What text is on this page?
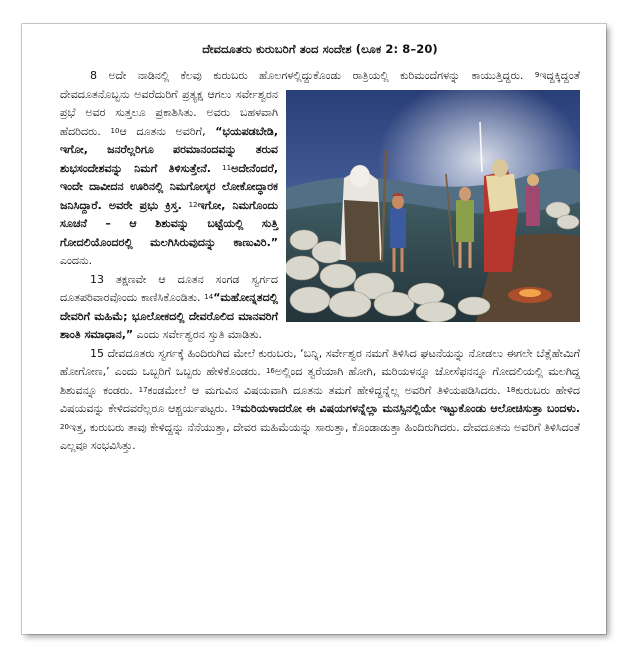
ದೇವದೂತರು ಕುರುಬರಿಗೆ ತಂದ ಸಂದೇಶ (ಲೂಕ 2: 8–20)

8 ಅದೇ ನಾಡಿನಲ್ಲಿ ಕೆಲವು ಕುರುಬರು ಹೊಲಗಳಲ್ಲಿದ್ದುಕೊಂಡು ರಾತ್ರಿಯಲ್ಲಿ ಕುರಿಮಂದೆಗಳನ್ನು ಕಾಯುತ್ತಿದ್ದರು. $^9$ಇದ್ದಕ್ಕಿದ್ದಂತೆ ದೇವದೂತನೊಬ್ಬನು ಅವರೆದುರಿಗೆ ಪ್ರತ್ಯಕ್ಷ ಆಗಲು ಸರ್ವೇಶ್ವರನ ಪ್ರಭೆ ಅವರ ಸುತ್ತಲೂ ಪ್ರಕಾಶಿಸಿತು. ಅವರು ಬಹಳವಾಗಿ ಹೆದರಿದರು. $^{10}$ಆ ದೂತನು ಅವರಿಗೆ, “ಭಯಪಡಬೇಡಿ, ಇಗೋ, ಜನರೆಲ್ಲರಿಗೂ ಪರಮಾನಂದವನ್ನು ತರುವ ಶುಭಸಂದೇಶವನ್ನು ನಿಮಗೆ ತಿಳಿಸುತ್ತೇನೆ. $^{11}$ಅದೇನೆಂದರೆ, ಇಂದೇ ದಾವೀದನ ಊರಿನಲ್ಲಿ ನಿಮಗೋಸ್ಕರ ಲೋಕೋದ್ಧಾರಕ ಜನಿಸಿದ್ದಾರೆ. ಅವರೇ ಪ್ರಭು ಕ್ರಿಸ್ತ. $^{12}$ಇಗೋ, ನಿಮಗೊಂದು ಸೂಚನೆ – ಆ ಶಿಶುವನ್ನು ಬಟ್ಟೆಯಲ್ಲಿ ಸುತ್ತಿ ಗೋದಲಿಯೊಂದರಲ್ಲಿ ಮಲಗಿಸಿರುವುದನ್ನು ಕಾಣುವಿರಿ.” ಎಂದನು.

13 ತಕ್ಷಣವೇ ಆ ದೂತನ ಸಂಗಡ ಸ್ವರ್ಗದ ದೂತಪರಿವಾರವೊಂದು ಕಾಣಿಸಿಕೊಂಡಿತು. $^{14}$“ಮಹೋನ್ನತದಲ್ಲಿ ದೇವರಿಗೆ ಮಹಿಮೆ; ಭೂಲೋಕದಲ್ಲಿ ದೇವರೊಲಿದ ಮಾನವರಿಗೆ ಶಾಂತಿ ಸಮಾಧಾನ,” ಎಂದು ಸರ್ವೇಶ್ವರನ ಸ್ತುತಿ ಮಾಡಿತು.

15 ದೇವದೂತರು ಸ್ವರ್ಗಕ್ಕೆ ಹಿಂದಿರುಗಿದ ಮೇಲೆ ಕುರುಬರು, ‘ಬನ್ನಿ, ಸರ್ವೇಶ್ವರ ನಮಗೆ ತಿಳಿಸಿದ ಘಟನೆಯನ್ನು ನೋಡಲು ಈಗಲೇ ಬೆತ್ಲೆಹೇಮಿಗೆ ಹೋಗೋಣ,’ ಎಂದು ಒಬ್ಬರಿಗೆ ಒಬ್ಬರು ಹೇಳಿಕೊಂಡರು. $^{16}$ಅಲ್ಲಿಂದ ತ್ವರೆಯಾಗಿ ಹೋಗಿ, ಮರಿಯಳನ್ನೂ ಜೋಸೆಫನನ್ನೂ ಗೋದಲಿಯಲ್ಲಿ ಮಲಗಿದ್ದ ಶಿಶುವನ್ನೂ ಕಂಡರು. $^{17}$ಕಂಡಮೇಲೆ ಆ ಮಗುವಿನ ವಿಷಯವಾಗಿ ದೂತನು ತಮಗೆ ಹೇಳಿದ್ದನ್ನೆಲ್ಲ ಅವರಿಗೆ ತಿಳಿಯಪಡಿಸಿದರು. $^{18}$ಕುರುಬರು ಹೇಳಿದ ವಿಷಯವನ್ನು ಕೇಳಿದವರೆಲ್ಲರೂ ಆಶ್ಚರ್ಯಪಟ್ಟರು. $^{19}$ಮರಿಯಳಾದರೋ ಈ ವಿಷಯಗಳನ್ನೆಲ್ಲಾ ಮನಸ್ಸಿನಲ್ಲಿಯೇ ಇಟ್ಟುಕೊಂಡು ಆಲೋಚಿಸುತ್ತಾ ಬಂದಳು. $^{20}$ಇತ್ತ, ಕುರುಬರು ತಾವು ಕೇಳಿದ್ದನ್ನು ನೆನೆಯುತ್ತಾ, ದೇವರ ಮಹಿಮೆಯನ್ನು ಸಾರುತ್ತಾ, ಕೊಂಡಾಡುತ್ತಾ ಹಿಂದಿರುಗಿದರು. ದೇವದೂತನು ಅವರಿಗೆ ತಿಳಿಸಿದಂತೆ ಎಲ್ಲವೂ ಸಂಭವಿಸಿತ್ತು.
